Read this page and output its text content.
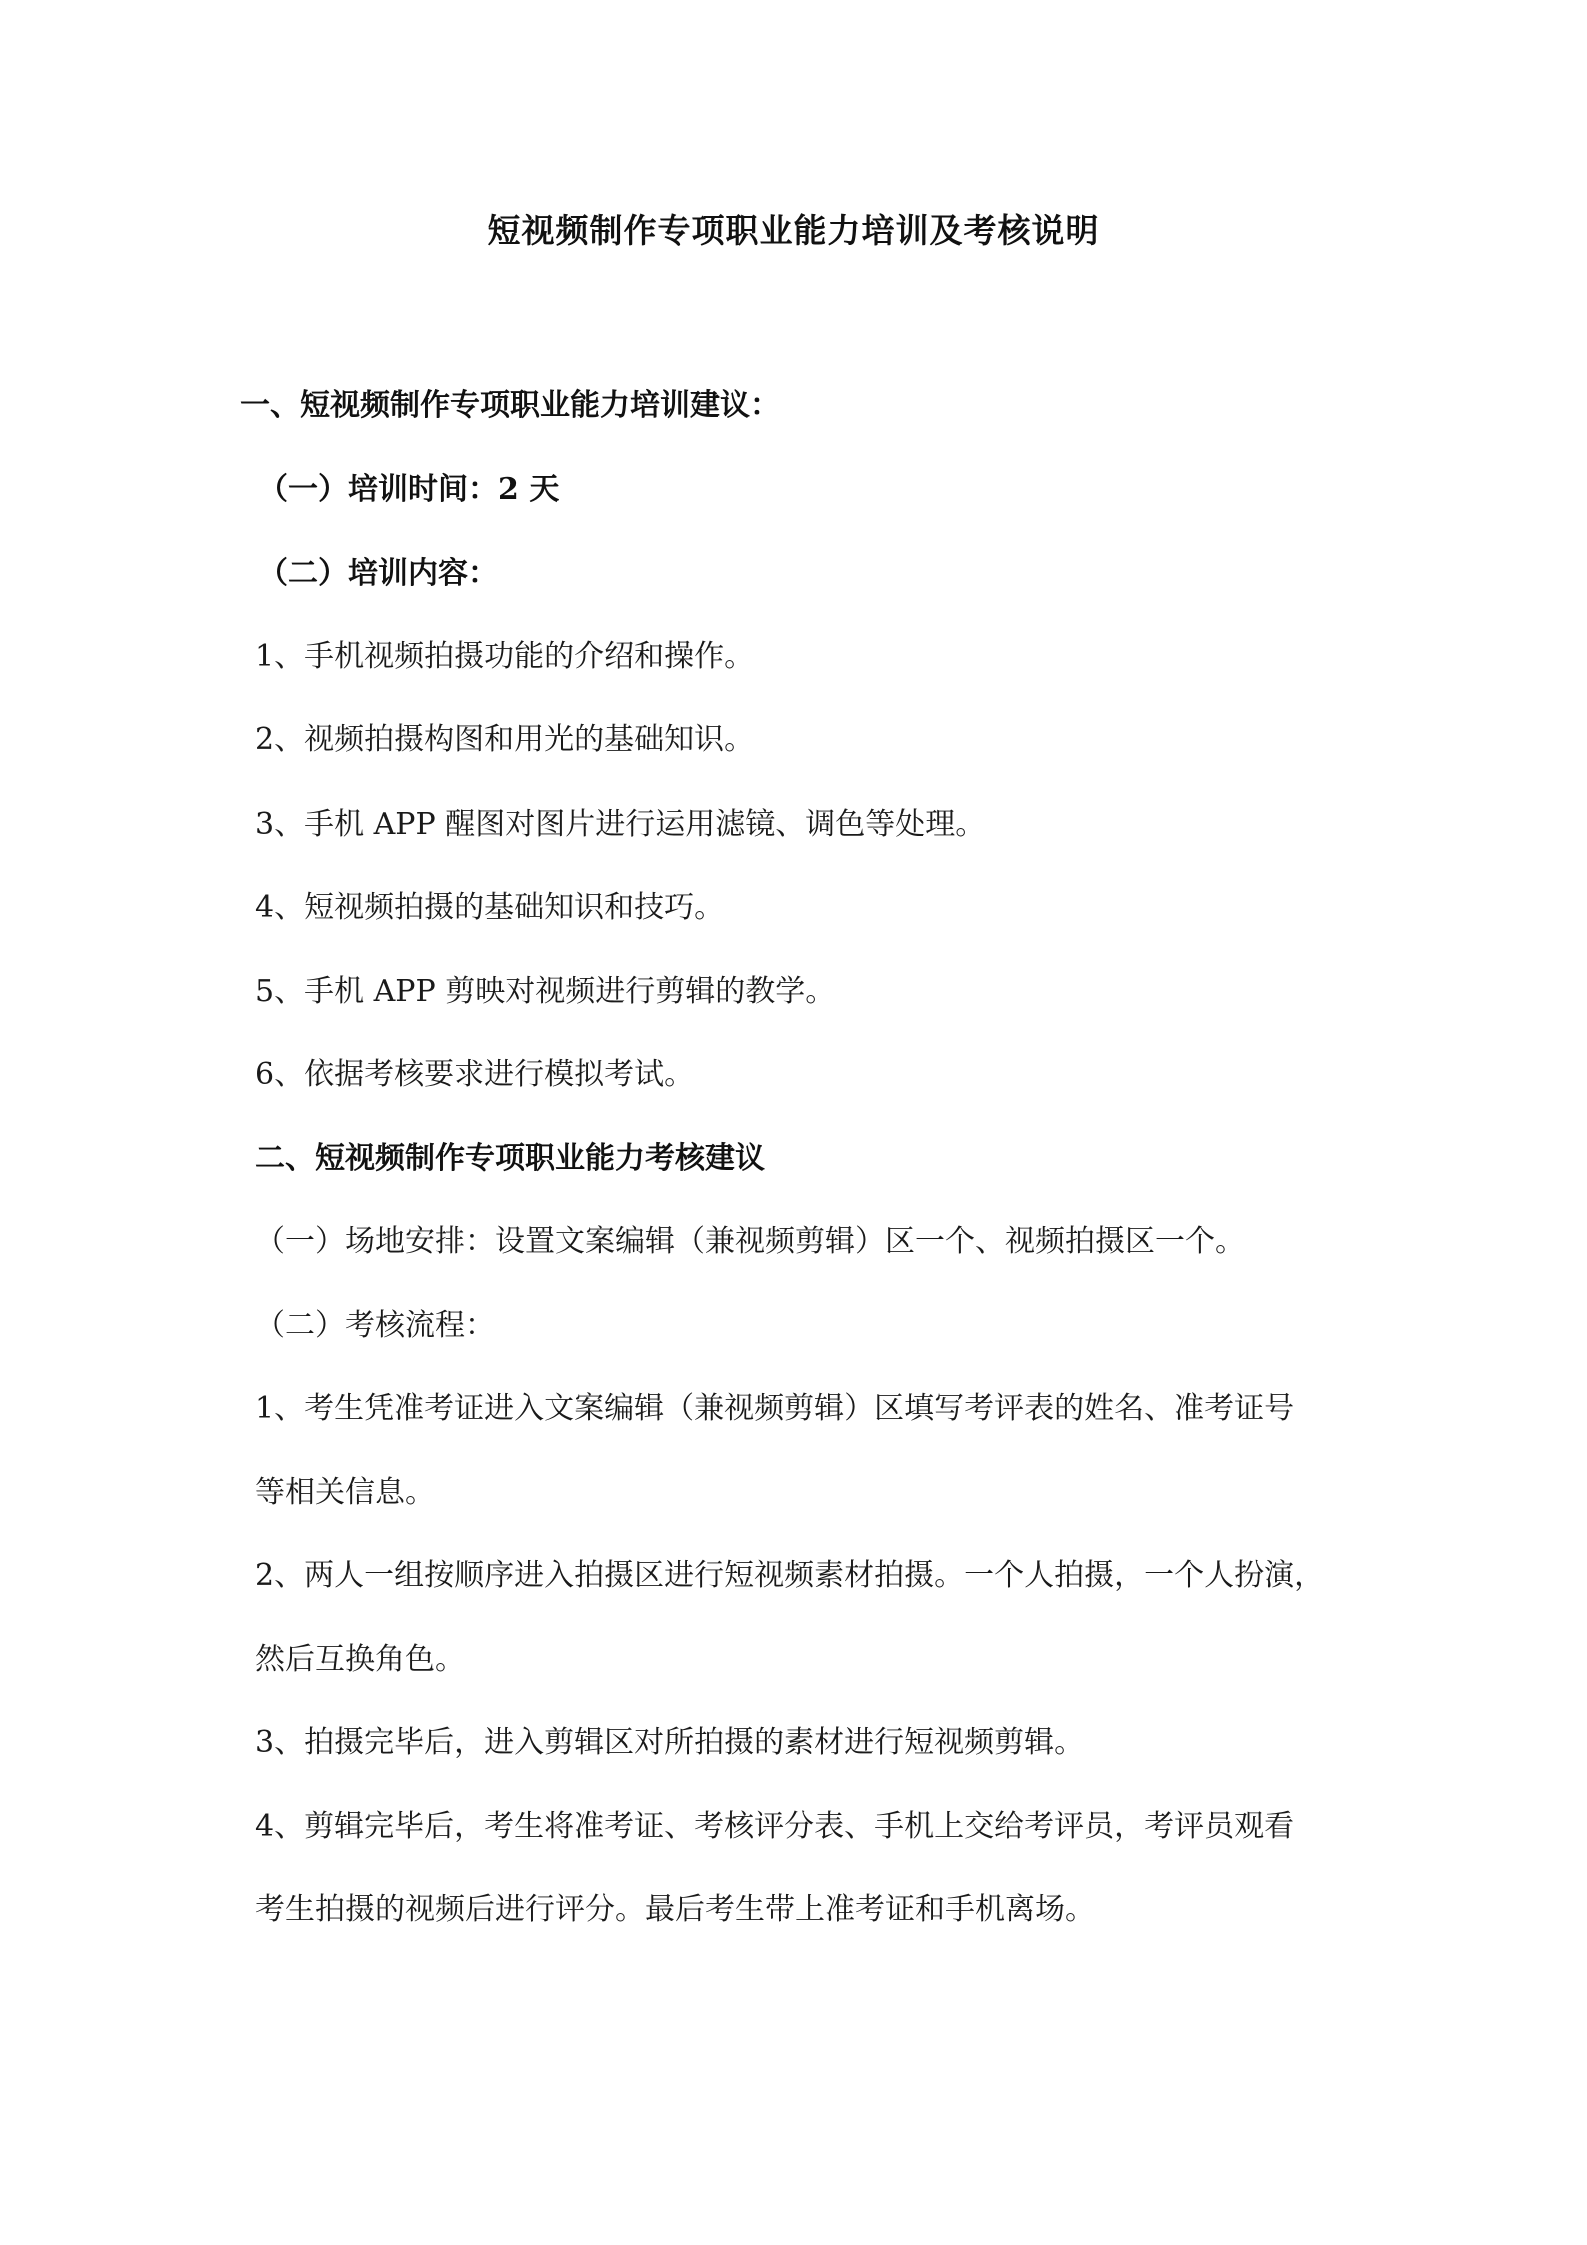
短视频制作专项职业能力培训及考核说明
一、短视频制作专项职业能力培训建议：
（一）培训时间：2 天
（二）培训内容：
1、手机视频拍摄功能的介绍和操作。
2、视频拍摄构图和用光的基础知识。
3、手机 APP 醒图对图片进行运用滤镜、调色等处理。
4、短视频拍摄的基础知识和技巧。
5、手机 APP 剪映对视频进行剪辑的教学。
6、依据考核要求进行模拟考试。
二、短视频制作专项职业能力考核建议
（一）场地安排：设置文案编辑（兼视频剪辑）区一个、视频拍摄区一个。
（二）考核流程：
1、考生凭准考证进入文案编辑（兼视频剪辑）区填写考评表的姓名、准考证号
等相关信息。
2、两人一组按顺序进入拍摄区进行短视频素材拍摄。一个人拍摄，一个人扮演，
然后互换角色。
3、拍摄完毕后，进入剪辑区对所拍摄的素材进行短视频剪辑。
4、剪辑完毕后，考生将准考证、考核评分表、手机上交给考评员，考评员观看
考生拍摄的视频后进行评分。最后考生带上准考证和手机离场。
